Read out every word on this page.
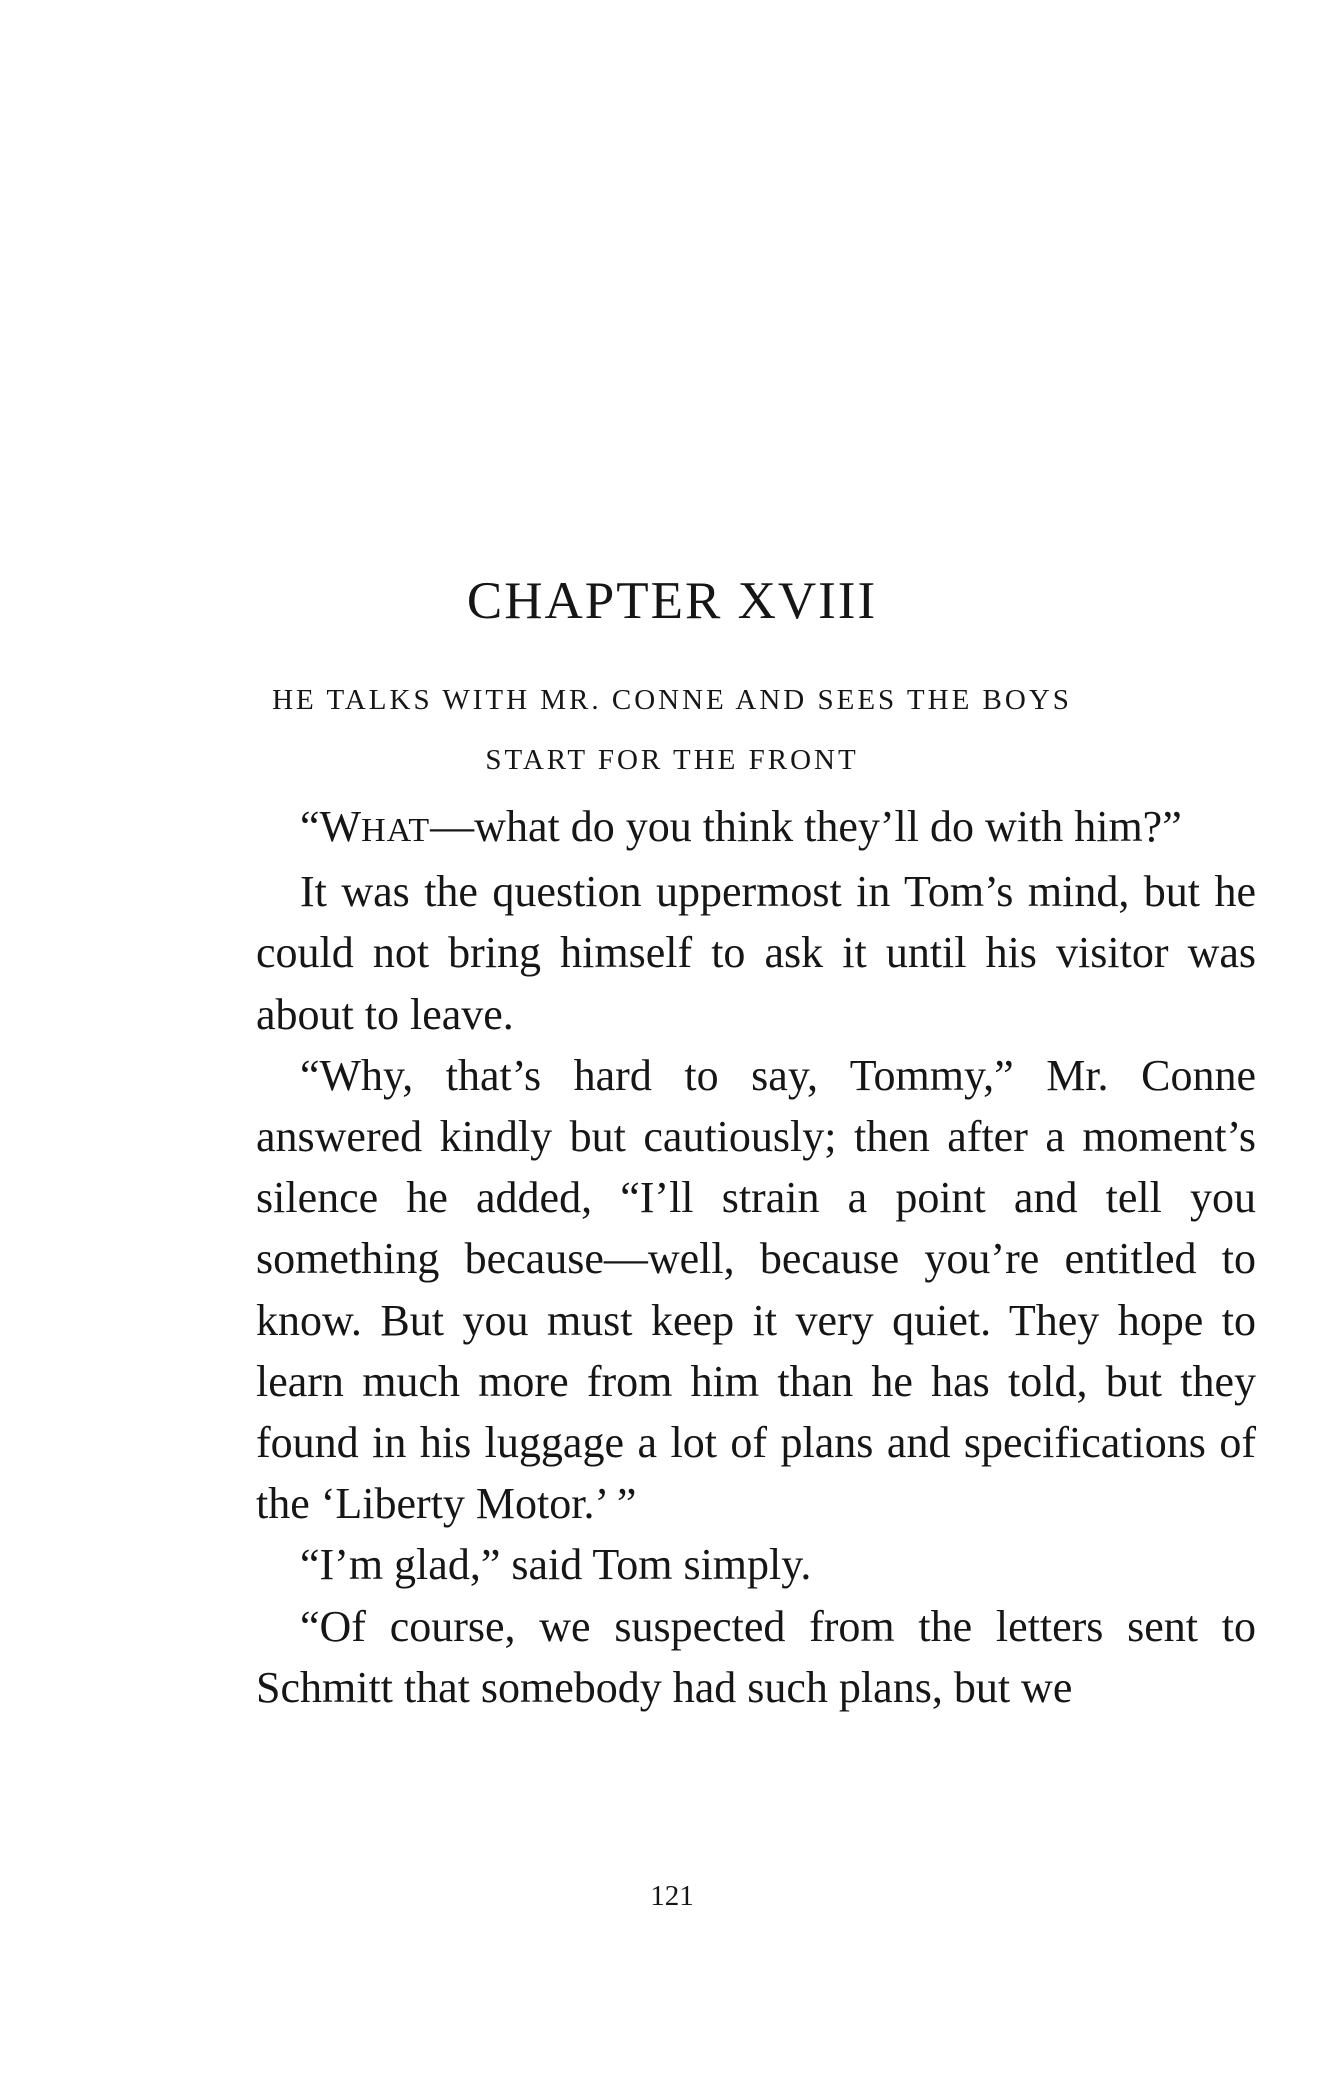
CHAPTER XVIII
HE TALKS WITH MR. CONNE AND SEES THE BOYS
START FOR THE FRONT

“WHAT—what do you think they’ll do with him?”

It was the question uppermost in Tom’s mind, but he could not bring himself to ask it until his visitor was about to leave.

“Why, that’s hard to say, Tommy,” Mr. Conne answered kindly but cautiously; then after a moment’s silence he added, “I’ll strain a point and tell you something because—well, because you’re entitled to know. But you must keep it very quiet. They hope to learn much more from him than he has told, but they found in his luggage a lot of plans and specifications of the ‘Liberty Motor.’ ”

“I’m glad,” said Tom simply.

“Of course, we suspected from the letters sent to Schmitt that somebody had such plans, but we

121
